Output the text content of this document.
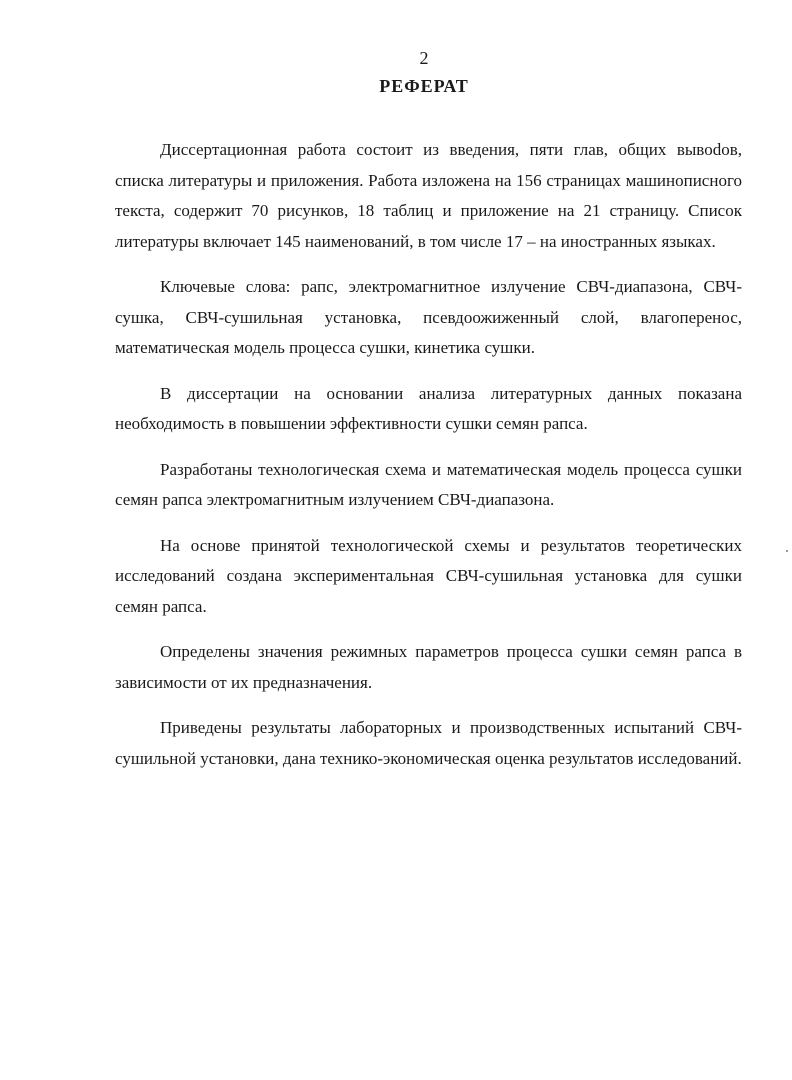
2
РЕФЕРАТ

Диссертационная работа состоит из введения, пяти глав, общих вывоdов, списка литературы и приложения. Работа изложена на 156 страницах машинописного текста, содержит 70 рисунков, 18 таблиц и приложение на 21 страницу. Список литературы включает 145 наименований, в том числе 17 – на иностранных языках.

Ключевые слова: рапс, электромагнитное излучение СВЧ-диапазона, СВЧ-сушка, СВЧ-сушильная установка, псевдоожиженный слой, влагоперенос, математическая модель процесса сушки, кинетика сушки.

В диссертации на основании анализа литературных данных показана необходимость в повышении эффективности сушки семян рапса.

Разработаны технологическая схема и математическая модель процесса сушки семян рапса электромагнитным излучением СВЧ-диапазона.

На основе принятой технологической схемы и результатов теоретических исследований создана экспериментальная СВЧ-сушильная установка для сушки семян рапса.

Определены значения режимных параметров процесса сушки семян рапса в зависимости от их предназначения.

Приведены результаты лабораторных и производственных испытаний СВЧ-сушильной установки, дана технико-экономическая оценка результатов исследований.
